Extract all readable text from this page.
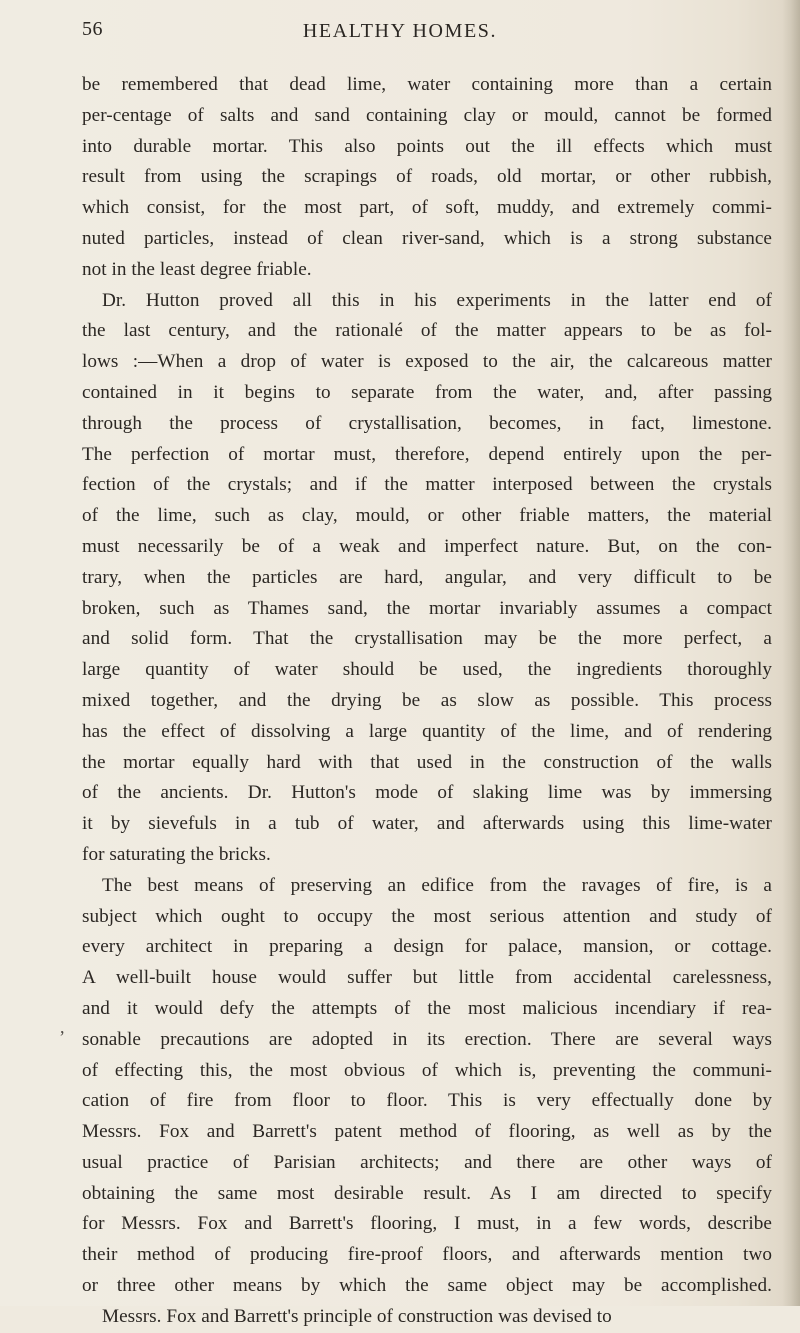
56	HEALTHY HOMES.
be remembered that dead lime, water containing more than a certain
per-centage of salts and sand containing clay or mould, cannot be formed
into durable mortar. This also points out the ill effects which must
result from using the scrapings of roads, old mortar, or other rubbish,
which consist, for the most part, of soft, muddy, and extremely commi-
nuted particles, instead of clean river-sand, which is a strong substance
not in the least degree friable.
Dr. Hutton proved all this in his experiments in the latter end of
the last century, and the rationalé of the matter appears to be as fol-
lows :—When a drop of water is exposed to the air, the calcareous matter
contained in it begins to separate from the water, and, after passing
through the process of crystallisation, becomes, in fact, limestone.
The perfection of mortar must, therefore, depend entirely upon the per-
fection of the crystals; and if the matter interposed between the crystals
of the lime, such as clay, mould, or other friable matters, the material
must necessarily be of a weak and imperfect nature. But, on the con-
trary, when the particles are hard, angular, and very difficult to be
broken, such as Thames sand, the mortar invariably assumes a compact
and solid form. That the crystallisation may be the more perfect, a
large quantity of water should be used, the ingredients thoroughly
mixed together, and the drying be as slow as possible. This process
has the effect of dissolving a large quantity of the lime, and of rendering
the mortar equally hard with that used in the construction of the walls
of the ancients. Dr. Hutton's mode of slaking lime was by immersing
it by sievefuls in a tub of water, and afterwards using this lime-water
for saturating the bricks.
The best means of preserving an edifice from the ravages of fire, is a
subject which ought to occupy the most serious attention and study of
every architect in preparing a design for palace, mansion, or cottage.
A well-built house would suffer but little from accidental carelessness,
and it would defy the attempts of the most malicious incendiary if rea-
sonable precautions are adopted in its erection. There are several ways
of effecting this, the most obvious of which is, preventing the communi-
cation of fire from floor to floor. This is very effectually done by
Messrs. Fox and Barrett's patent method of flooring, as well as by the
usual practice of Parisian architects; and there are other ways of
obtaining the same most desirable result. As I am directed to specify
for Messrs. Fox and Barrett's flooring, I must, in a few words, describe
their method of producing fire-proof floors, and afterwards mention two
or three other means by which the same object may be accomplished.
Messrs. Fox and Barrett's principle of construction was devised to
,
